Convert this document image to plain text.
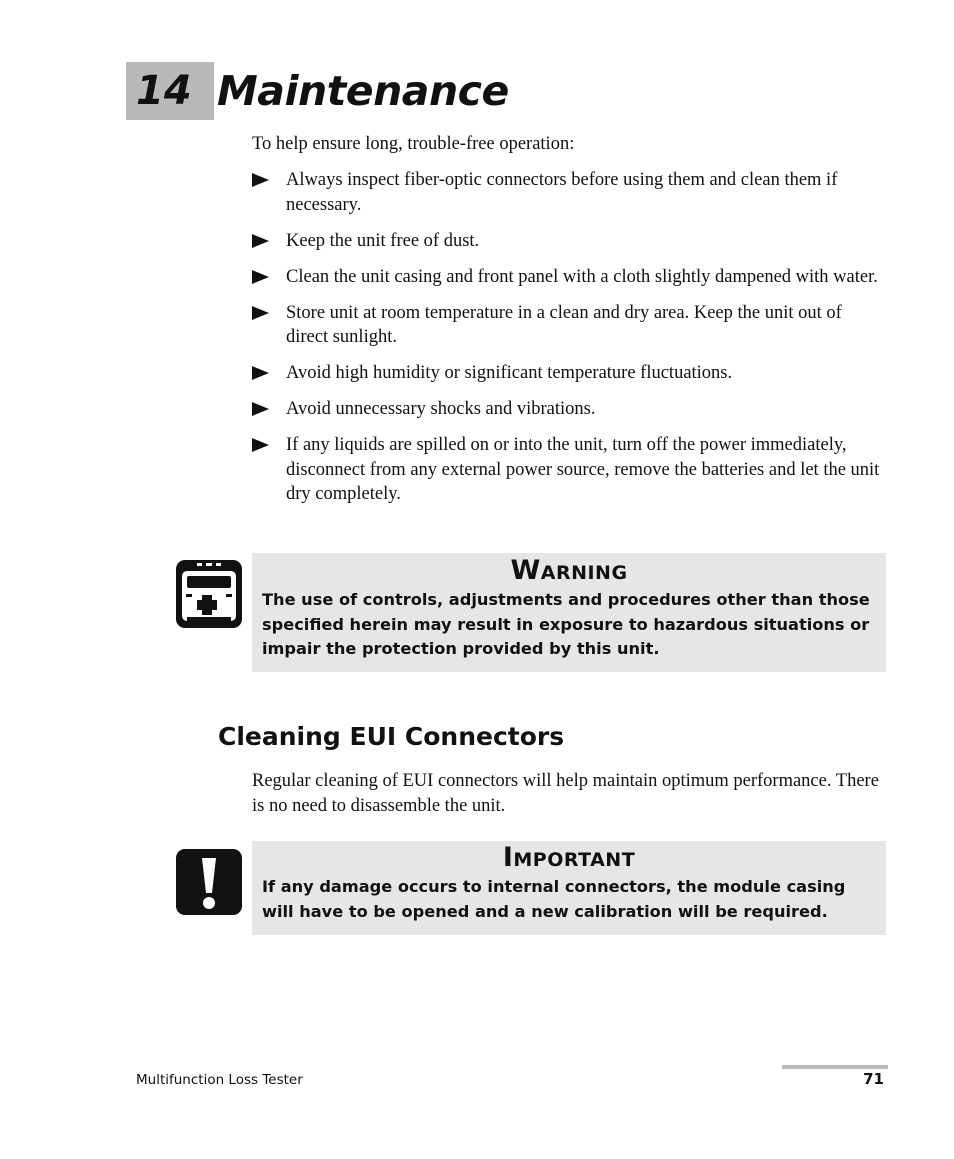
14 Maintenance
To help ensure long, trouble-free operation:
Always inspect fiber-optic connectors before using them and clean them if necessary.
Keep the unit free of dust.
Clean the unit casing and front panel with a cloth slightly dampened with water.
Store unit at room temperature in a clean and dry area. Keep the unit out of direct sunlight.
Avoid high humidity or significant temperature fluctuations.
Avoid unnecessary shocks and vibrations.
If any liquids are spilled on or into the unit, turn off the power immediately, disconnect from any external power source, remove the batteries and let the unit dry completely.
Warning
The use of controls, adjustments and procedures other than those specified herein may result in exposure to hazardous situations or impair the protection provided by this unit.
Cleaning EUI Connectors
Regular cleaning of EUI connectors will help maintain optimum performance. There is no need to disassemble the unit.
Important
If any damage occurs to internal connectors, the module casing will have to be opened and a new calibration will be required.
Multifunction Loss Tester	71
